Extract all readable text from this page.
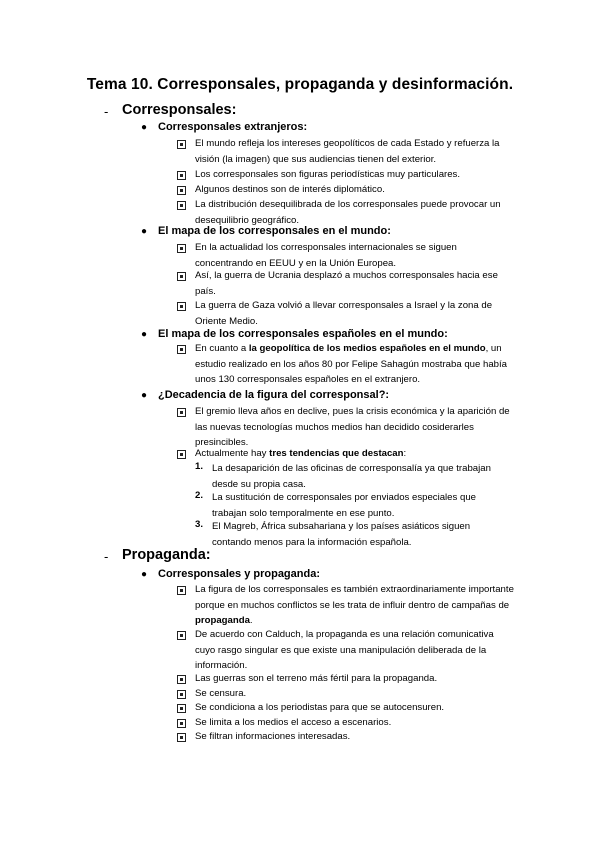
Tema 10. Corresponsales, propaganda y desinformación.
- Corresponsales:
● Corresponsales extranjeros:
El mundo refleja los intereses geopolíticos de cada Estado y refuerza la visión (la imagen) que sus audiencias tienen del exterior.
Los corresponsales son figuras periodísticas muy particulares.
Algunos destinos son de interés diplomático.
La distribución desequilibrada de los corresponsales puede provocar un desequilibrio geográfico.
● El mapa de los corresponsales en el mundo:
En la actualidad los corresponsales internacionales se siguen concentrando en EEUU y en la Unión Europea.
Así, la guerra de Ucrania desplazó a muchos corresponsales hacia ese país.
La guerra de Gaza volvió a llevar corresponsales a Israel y la zona de Oriente Medio.
● El mapa de los corresponsales españoles en el mundo:
En cuanto a la geopolítica de los medios españoles en el mundo, un estudio realizado en los años 80 por Felipe Sahagún mostraba que había unos 130 corresponsales españoles en el extranjero.
● ¿Decadencia de la figura del corresponsal?:
El gremio lleva años en declive, pues la crisis económica y la aparición de las nuevas tecnologías muchos medios han decidido cosiderarles presincibles.
Actualmente hay tres tendencias que destacan:
1. La desaparición de las oficinas de corresponsalía ya que trabajan desde su propia casa.
2. La sustitución de corresponsales por enviados especiales que trabajan solo temporalmente en ese punto.
3. El Magreb, África subsahariana y los países asiáticos siguen contando menos para la información española.
- Propaganda:
● Corresponsales y propaganda:
La figura de los corresponsales es también extraordinariamente importante porque en muchos conflictos se les trata de influir dentro de campañas de propaganda.
De acuerdo con Calduch, la propaganda es una relación comunicativa cuyo rasgo singular es que existe una manipulación deliberada de la información.
Las guerras son el terreno más fértil para la propaganda.
Se censura.
Se condiciona a los periodistas para que se autocensuren.
Se limita a los medios el acceso a escenarios.
Se filtran informaciones interesadas.
